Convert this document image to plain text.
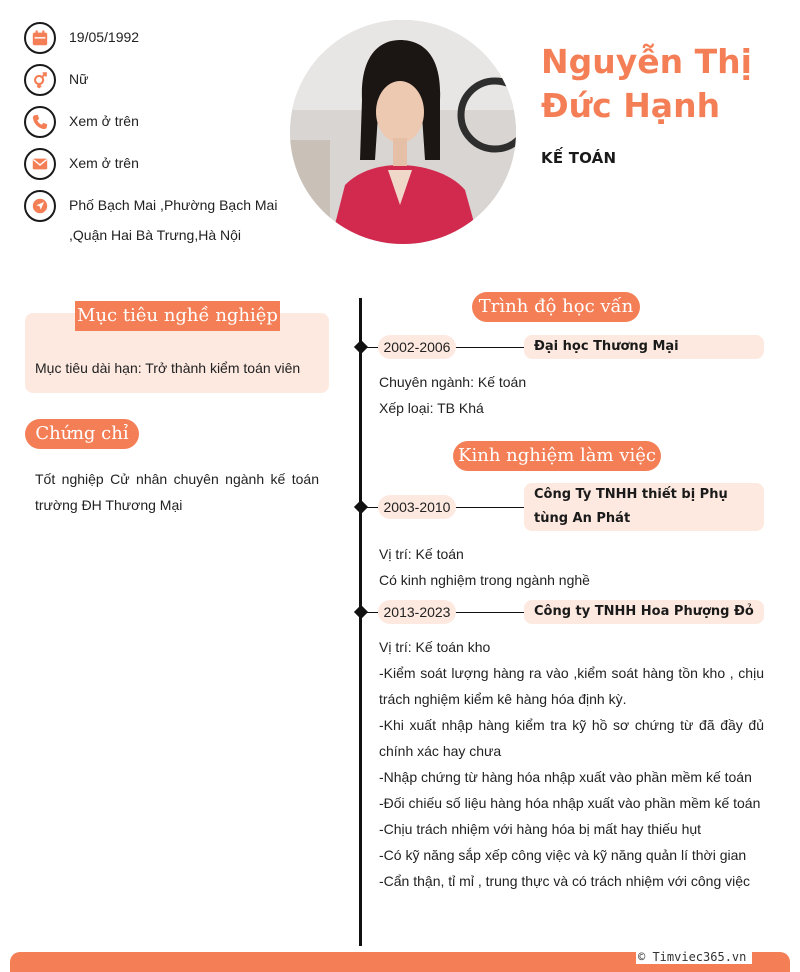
19/05/1992
Nữ
Xem ở trên
Xem ở trên
Phố Bạch Mai ,Phường Bạch Mai
,Quận Hai Bà Trưng,Hà Nội
Nguyễn Thị
Đức Hạnh
KẾ TOÁN
Mục tiêu nghề nghiệp
Mục tiêu dài hạn: Trở thành kiểm toán viên
Chứng chỉ
Tốt nghiệp Cử nhân chuyên ngành kế toán trường ĐH Thương Mại
Trình độ học vấn
2002-2006	Đại học Thương Mại
Chuyên ngành: Kế toán
Xếp loại: TB Khá
Kinh nghiệm làm việc
2003-2010
Công Ty TNHH thiết bị Phụ tùng An Phát
Vị trí: Kế toán
Có kinh nghiệm trong ngành nghề
2013-2023	Công ty TNHH Hoa Phượng Đỏ
Vị trí: Kế toán kho
-Kiểm soát lượng hàng ra vào ,kiểm soát hàng tồn kho , chịu trách nghiệm kiểm kê hàng hóa định kỳ.
-Khi xuất nhập hàng kiểm tra kỹ hồ sơ chứng từ đã đầy đủ chính xác hay chưa
-Nhập chứng từ hàng hóa nhập xuất vào phần mềm kế toán
-Đối chiếu số liệu hàng hóa nhập xuất vào phần mềm kế toán
-Chịu trách nhiệm với hàng hóa bị mất hay thiếu hụt
-Có kỹ năng sắp xếp công việc và kỹ năng quản lí thời gian
-Cẩn thận, tỉ mỉ , trung thực và có trách nhiệm với công việc
© Timviec365.vn
